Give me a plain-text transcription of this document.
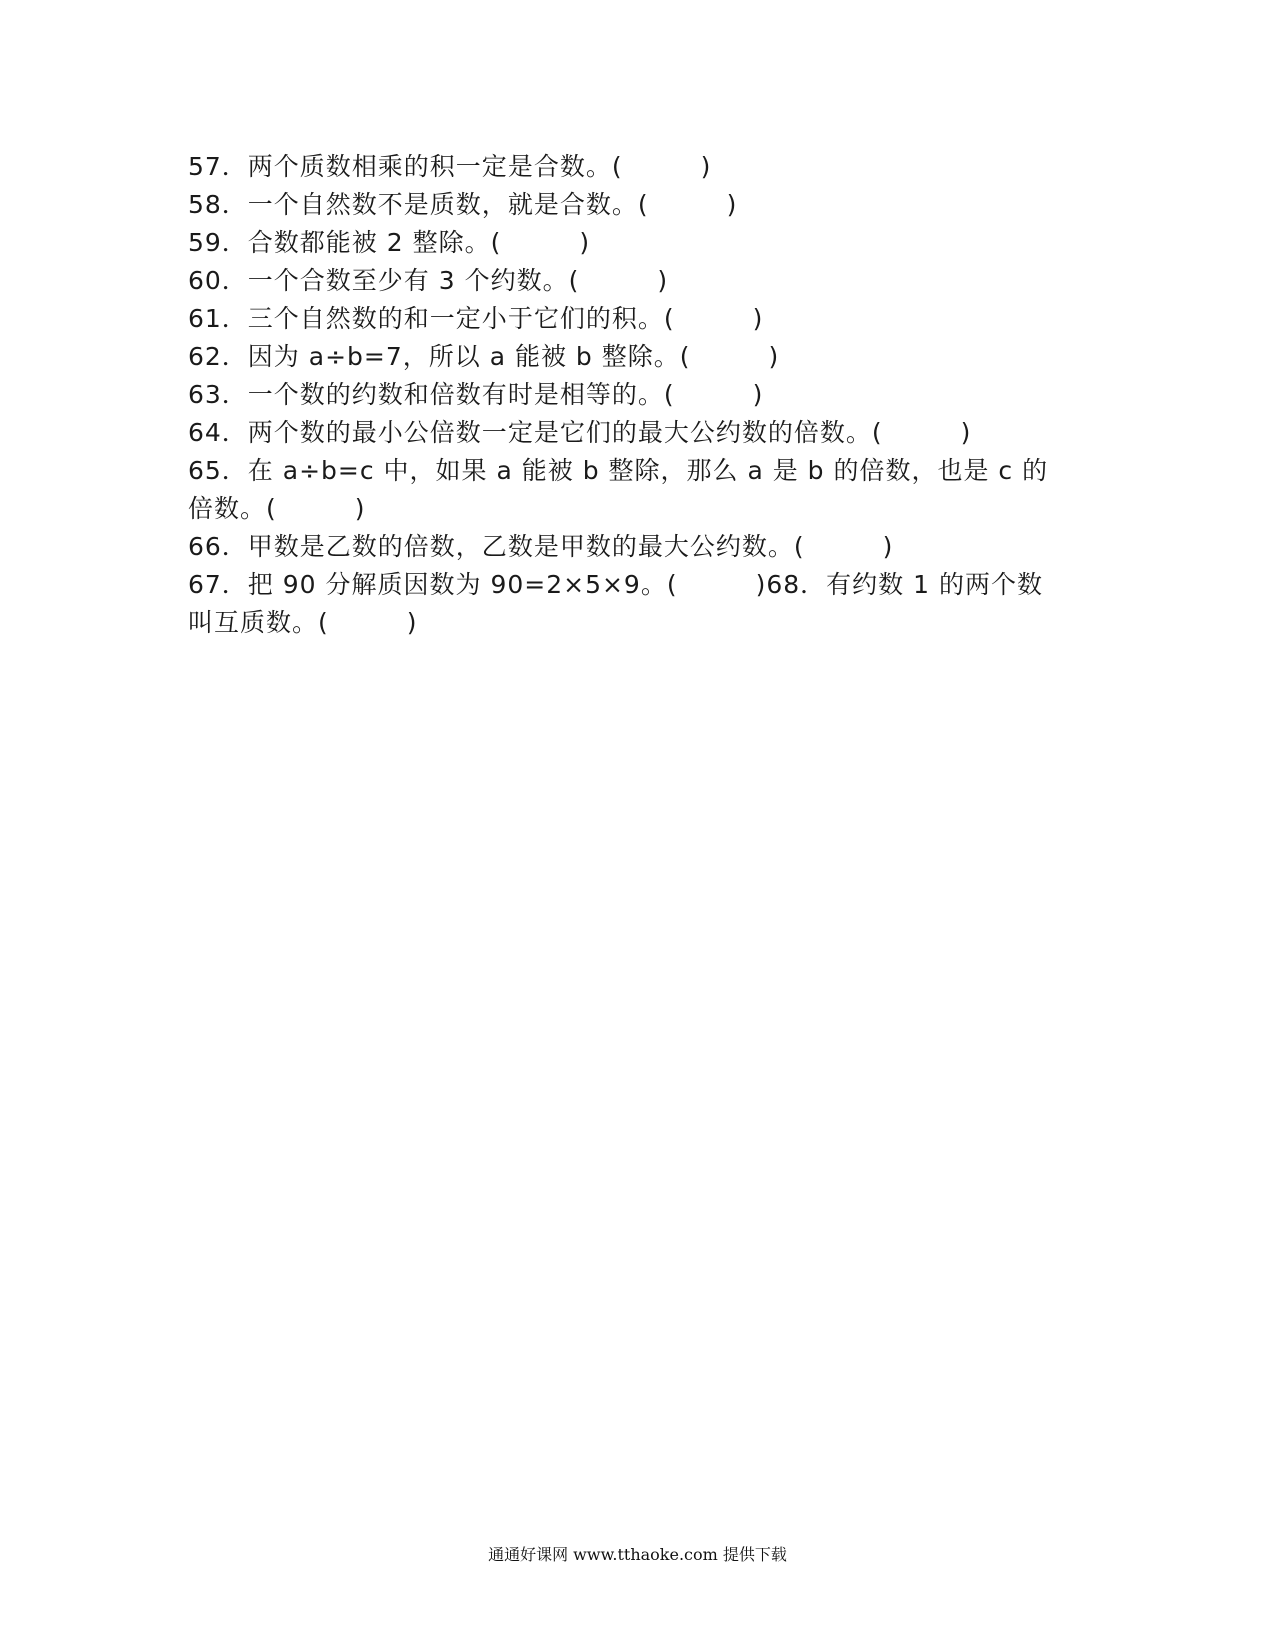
57．两个质数相乘的积一定是合数。(　　　)
58．一个自然数不是质数，就是合数。(　　　)
59．合数都能被 2 整除。(　　　)
60．一个合数至少有 3 个约数。(　　　)
61．三个自然数的和一定小于它们的积。(　　　)
62．因为 a÷b=7，所以 a 能被 b 整除。(　　　)
63．一个数的约数和倍数有时是相等的。(　　　)
64．两个数的最小公倍数一定是它们的最大公约数的倍数。(　　　)
65．在 a÷b=c 中，如果 a 能被 b 整除，那么 a 是 b 的倍数，也是 c 的
倍数。(　　　)
66．甲数是乙数的倍数，乙数是甲数的最大公约数。(　　　)
67．把 90 分解质因数为 90=2×5×9。(　　　)68．有约数 1 的两个数
叫互质数。(　　　)
通通好课网 www.tthaoke.com 提供下载
